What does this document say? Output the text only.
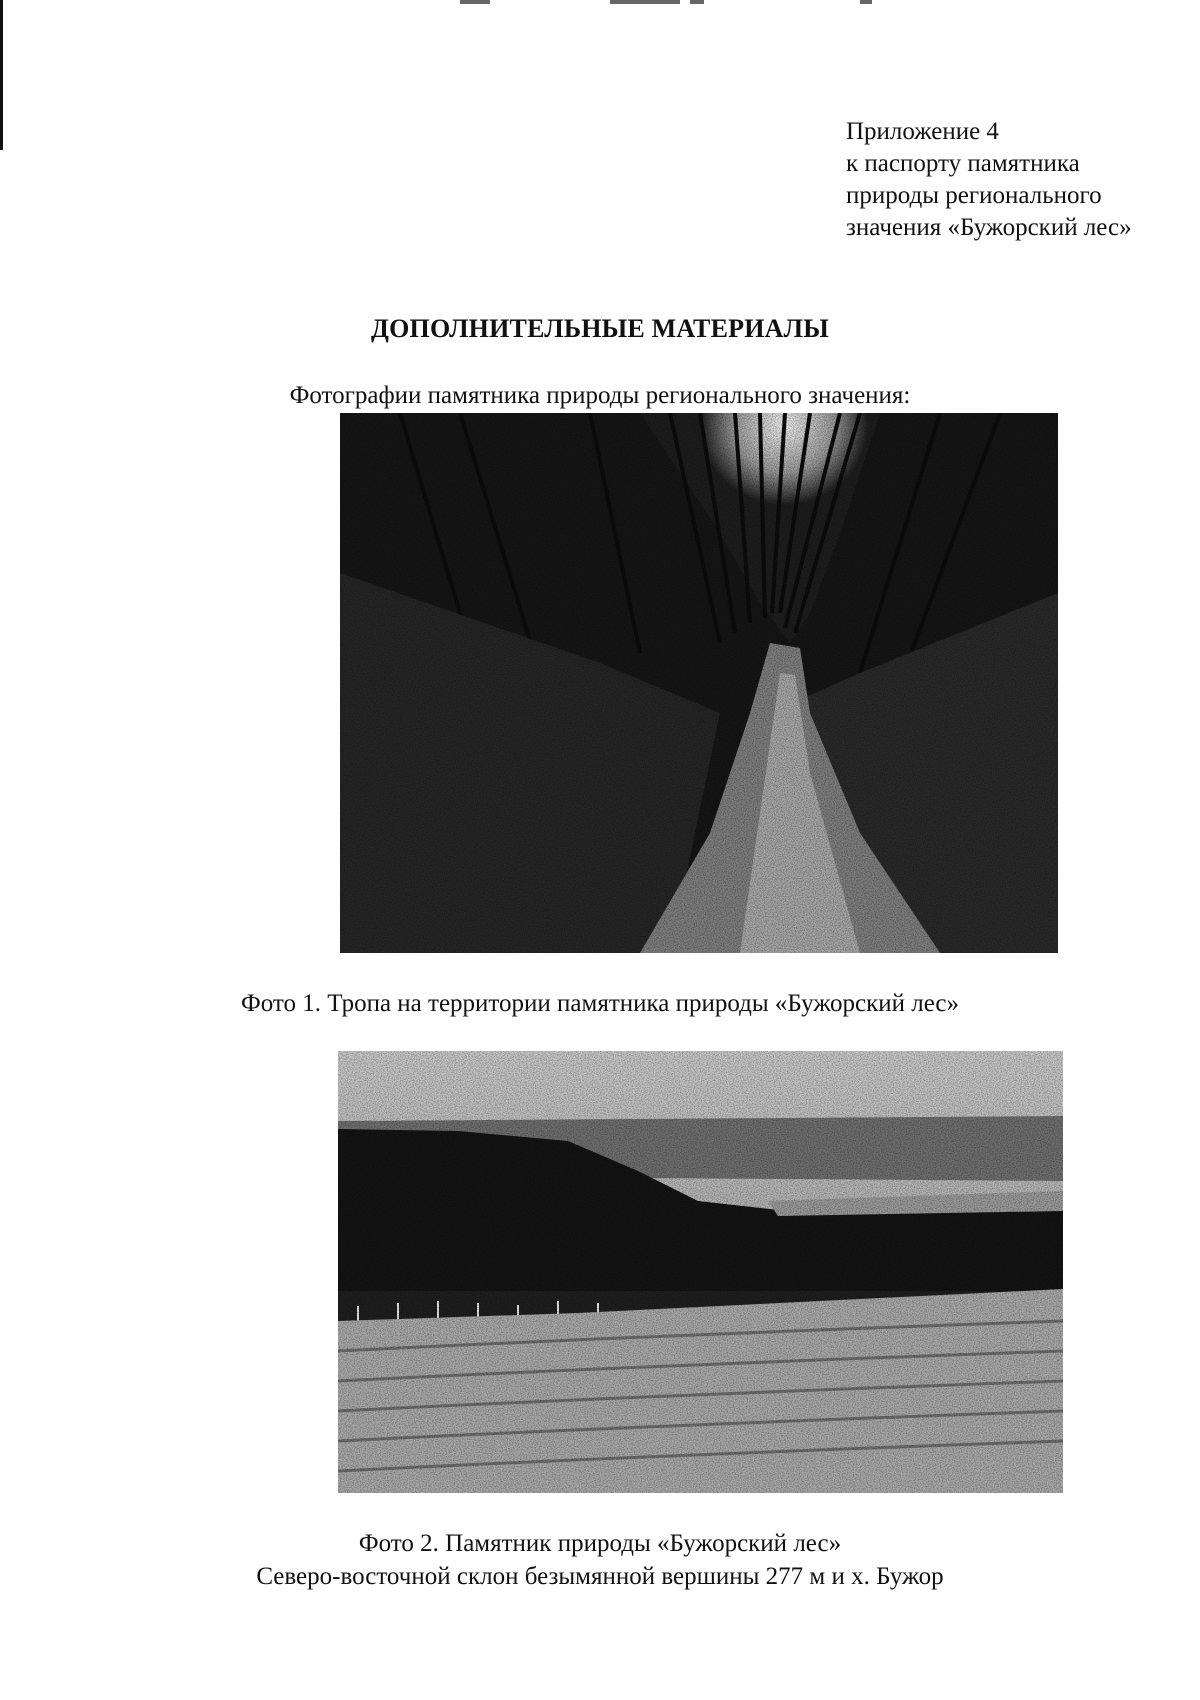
Приложение 4
к паспорту памятника
природы регионального
значения «Бужорский лес»
ДОПОЛНИТЕЛЬНЫЕ МАТЕРИАЛЫ
Фотографии памятника природы регионального значения:
Фото 1. Тропа на территории памятника природы «Бужорский лес»
Фото 2. Памятник природы «Бужорский лес»
Северо-восточной склон безымянной вершины 277 м и х. Бужор
